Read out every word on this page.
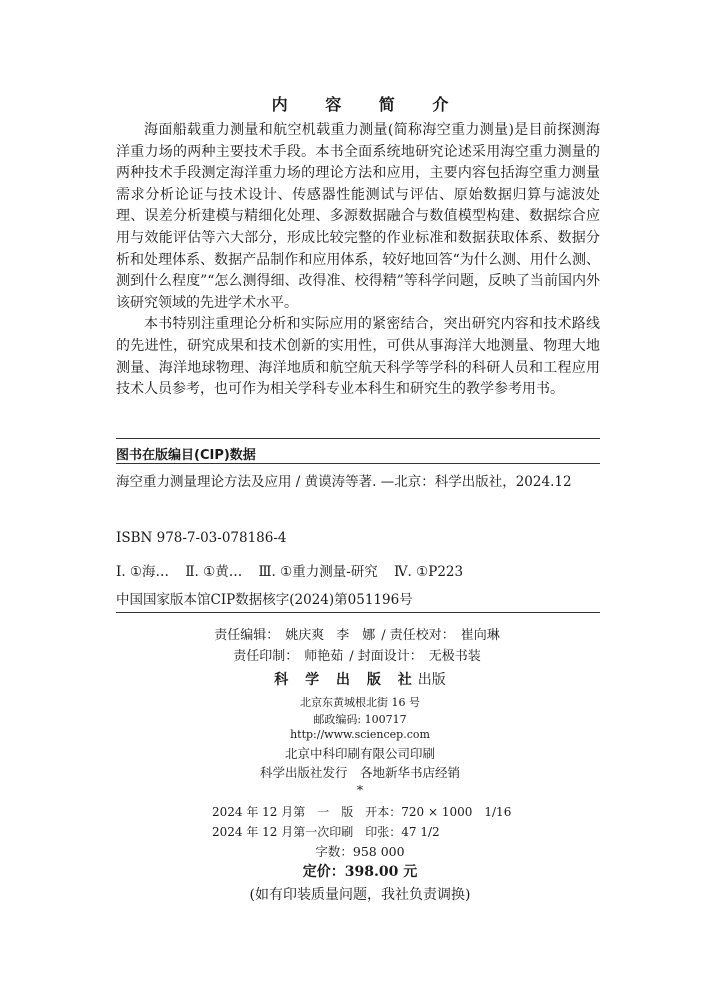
内 容 简 介

海面船载重力测量和航空机载重力测量(简称海空重力测量)是目前探测海洋重力场的两种主要技术手段。本书全面系统地研究论述采用海空重力测量的两种技术手段测定海洋重力场的理论方法和应用，主要内容包括海空重力测量需求分析论证与技术设计、传感器性能测试与评估、原始数据归算与滤波处理、误差分析建模与精细化处理、多源数据融合与数值模型构建、数据综合应用与效能评估等六大部分，形成比较完整的作业标准和数据获取体系、数据分析和处理体系、数据产品制作和应用体系，较好地回答“为什么测、用什么测、测到什么程度”“怎么测得细、改得准、校得精”等科学问题，反映了当前国内外该研究领域的先进学术水平。

本书特别注重理论分析和实际应用的紧密结合，突出研究内容和技术路线的先进性，研究成果和技术创新的实用性，可供从事海洋大地测量、物理大地测量、海洋地球物理、海洋地质和航空航天科学等学科的科研人员和工程应用技术人员参考，也可作为相关学科专业本科生和研究生的教学参考用书。

图书在版编目(CIP)数据
海空重力测量理论方法及应用 / 黄谟涛等著. —北京：科学出版社，2024.12
ISBN 978-7-03-078186-4
Ⅰ. ①海… Ⅱ. ①黄… Ⅲ. ①重力测量-研究 Ⅳ. ①P223
中国国家版本馆CIP数据核字(2024)第051196号
责任编辑： 姚庆爽 李　娜 / 责任校对： 崔向琳
责任印制： 师艳茹 / 封面设计： 无极书装
科 学 出 版 社出版
北京东黄城根北街 16 号
邮政编码: 100717
http://www.sciencep.com
北京中科印刷有限公司印刷
科学出版社发行　各地新华书店经销
*
2024 年 12 月第　一　版　开本：720 × 1000　1/16
2024 年 12 月第一次印刷　印张：47 1/2
字数：958 000
定价：398.00 元
(如有印装质量问题，我社负责调换)
